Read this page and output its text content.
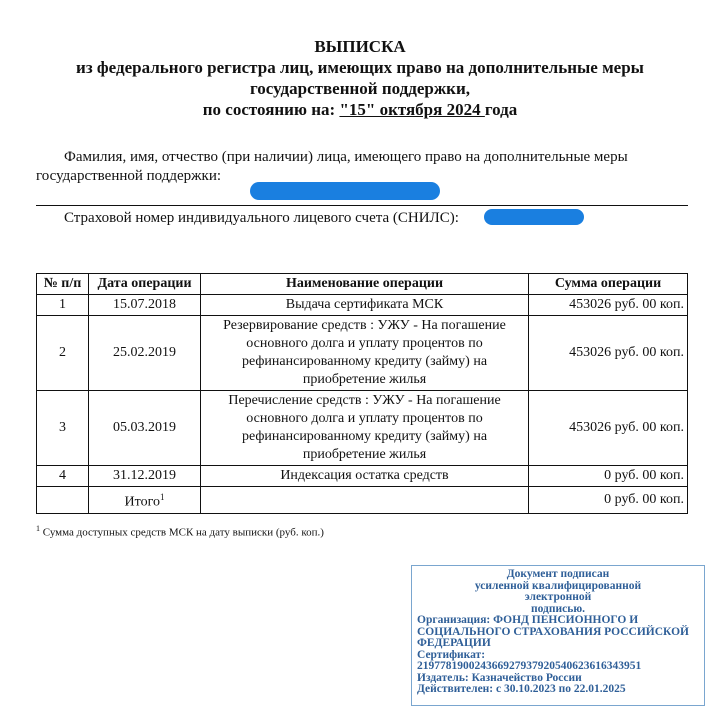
ВЫПИСКА
из федерального регистра лиц, имеющих право на дополнительные меры
государственной поддержки,
по состоянию на: "15" октября 2024 года
Фамилия, имя, отчество (при наличии) лица, имеющего право на дополнительные меры государственной поддержки:
Страховой номер индивидуального лицевого счета (СНИЛС):
№ п/п	Дата операции	Наименование операции	Сумма операции
1	15.07.2018	Выдача сертификата МСК	453026 руб. 00 коп.
2	25.02.2019	Резервирование средств : УЖУ - На погашение основного долга и уплату процентов по рефинансированному кредиту (займу) на приобретение жилья	453026 руб. 00 коп.
3	05.03.2019	Перечисление средств : УЖУ - На погашение основного долга и уплату процентов по рефинансированному кредиту (займу) на приобретение жилья	453026 руб. 00 коп.
4	31.12.2019	Индексация остатка средств	0 руб. 00 коп.
	Итого$^1$		0 руб. 00 коп.
$^1$ Сумма доступных средств МСК на дату выписки (руб. коп.)
Документ подписан
усиленной квалифицированной
электронной
подписью.
Организация: ФОНД ПЕНСИОННОГО И СОЦИАЛЬНОГО СТРАХОВАНИЯ РОССИЙСКОЙ ФЕДЕРАЦИИ
Сертификат:
219778190024366927937920540623616343951
Издатель: Казначейство России
Действителен: с 30.10.2023 по 22.01.2025
